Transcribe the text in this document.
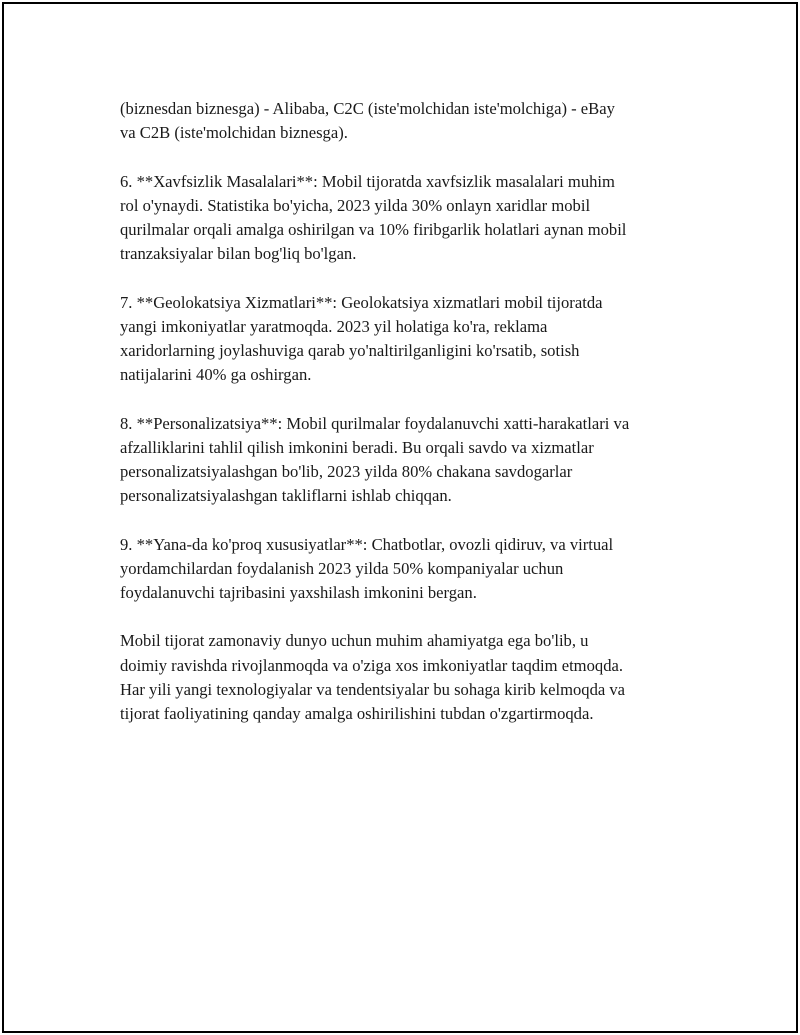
(biznesdan biznesga) - Alibaba, C2C (iste'molchidan iste'molchiga) - eBay
va C2B (iste'molchidan biznesga).

6. **Xavfsizlik Masalalari**: Mobil tijoratda xavfsizlik masalalari muhim
rol o'ynaydi. Statistika bo'yicha, 2023 yilda 30% onlayn xaridlar mobil
qurilmalar orqali amalga oshirilgan va 10% firibgarlik holatlari aynan mobil
tranzaksiyalar bilan bog'liq bo'lgan.

7. **Geolokatsiya Xizmatlari**: Geolokatsiya xizmatlari mobil tijoratda
yangi imkoniyatlar yaratmoqda. 2023 yil holatiga ko'ra, reklama
xaridorlarning joylashuviga qarab yo'naltirilganligini ko'rsatib, sotish
natijalarini 40% ga oshirgan.

8. **Personalizatsiya**: Mobil qurilmalar foydalanuvchi xatti-harakatlari va
afzalliklarini tahlil qilish imkonini beradi. Bu orqali savdo va xizmatlar
personalizatsiyalashgan bo'lib, 2023 yilda 80% chakana savdogarlar
personalizatsiyalashgan takliflarni ishlab chiqqan.

9. **Yana-da ko'proq xususiyatlar**: Chatbotlar, ovozli qidiruv, va virtual
yordamchilardan foydalanish 2023 yilda 50% kompaniyalar uchun
foydalanuvchi tajribasini yaxshilash imkonini bergan.

Mobil tijorat zamonaviy dunyo uchun muhim ahamiyatga ega bo'lib, u
doimiy ravishda rivojlanmoqda va o'ziga xos imkoniyatlar taqdim etmoqda.
Har yili yangi texnologiyalar va tendentsiyalar bu sohaga kirib kelmoqda va
tijorat faoliyatining qanday amalga oshirilishini tubdan o'zgartirmoqda.
